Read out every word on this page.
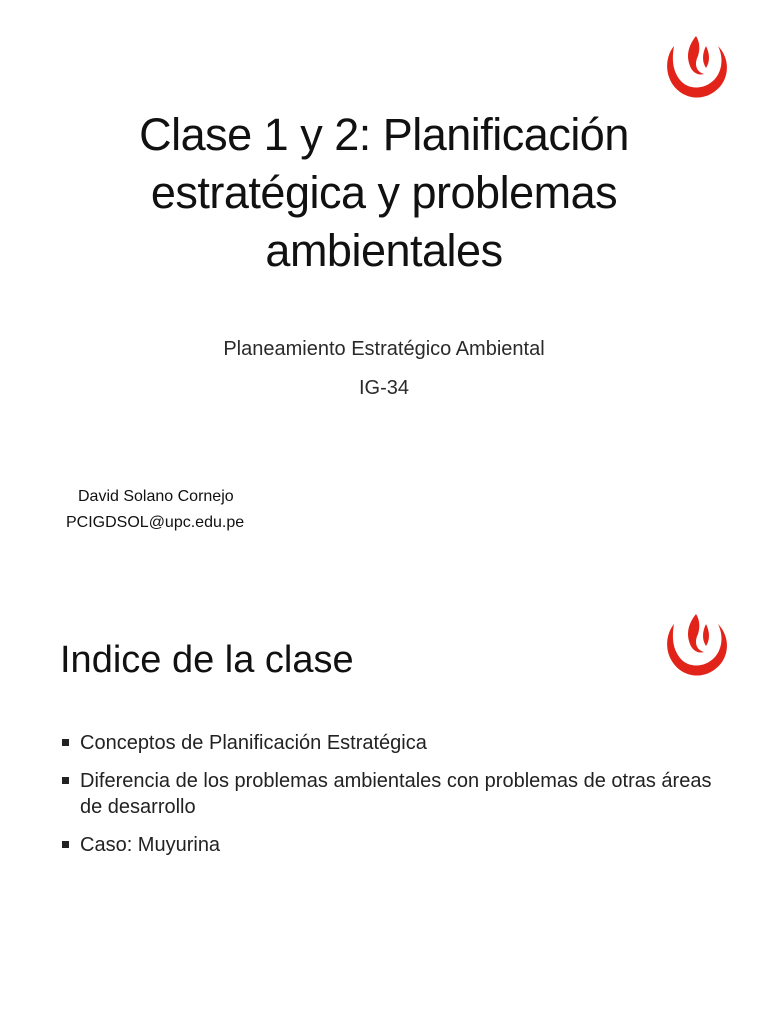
Clase 1 y 2: Planificación
estratégica y problemas
ambientales
Planeamiento Estratégico Ambiental
IG-34
David Solano Cornejo
PCIGDSOL@upc.edu.pe
Indice de la clase
Conceptos de Planificación Estratégica
Diferencia de los problemas ambientales con problemas de otras áreas de desarrollo
Caso: Muyurina
